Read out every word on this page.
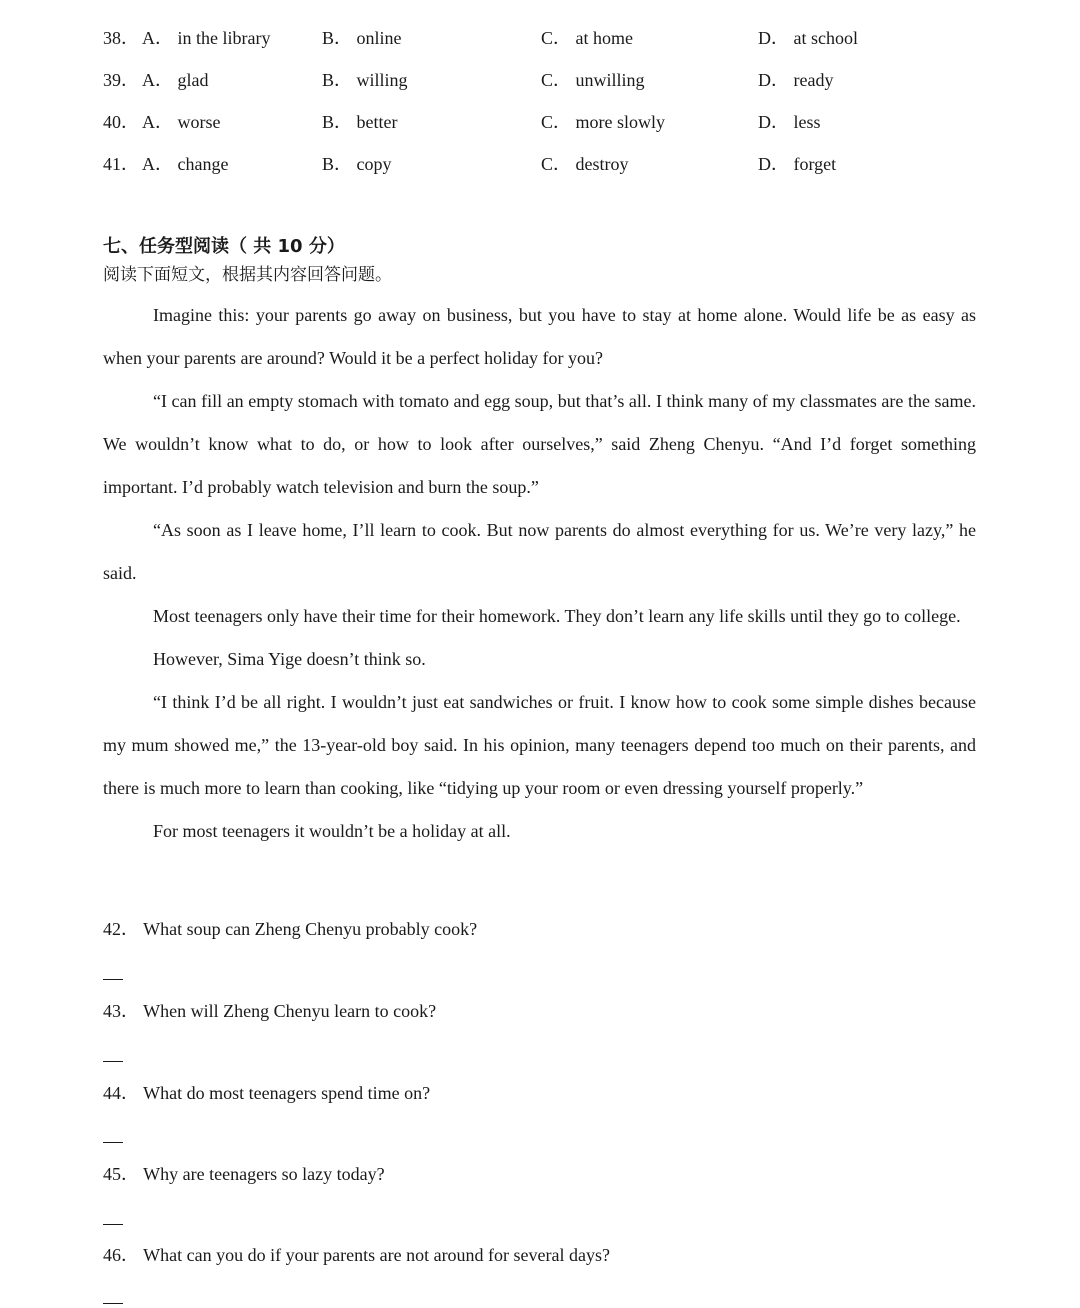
38． A． in the library	B． online	C． at home	D． at school
39． A． glad	B． willing	C． unwilling	D． ready
40． A． worse	B． better	C． more slowly	D． less
41． A． change	B． copy	C． destroy	D． forget
七、任务型阅读（ 共 10 分）
阅读下面短文，根据其内容回答问题。

Imagine this: your parents go away on business, but you have to stay at home alone. Would life be as easy as when your parents are around? Would it be a perfect holiday for you?

“I can fill an empty stomach with tomato and egg soup, but that’s all. I think many of my classmates are the same. We wouldn’t know what to do, or how to look after ourselves,” said Zheng Chenyu. “And I’d forget something important. I’d probably watch television and burn the soup.”

“As soon as I leave home, I’ll learn to cook. But now parents do almost everything for us. We’re very lazy,” he said.

Most teenagers only have their time for their homework. They don’t learn any life skills until they go to college.

However, Sima Yige doesn’t think so.

“I think I’d be all right. I wouldn’t just eat sandwiches or fruit. I know how to cook some simple dishes because my mum showed me,” the 13-year-old boy said. In his opinion, many teenagers depend too much on their parents, and there is much more to learn than cooking, like “tidying up your room or even dressing yourself properly.”

For most teenagers it wouldn’t be a holiday at all.

42． What soup can Zheng Chenyu probably cook?
43． When will Zheng Chenyu learn to cook?
44． What do most teenagers spend time on?
45． Why are teenagers so lazy today?
46． What can you do if your parents are not around for several days?
